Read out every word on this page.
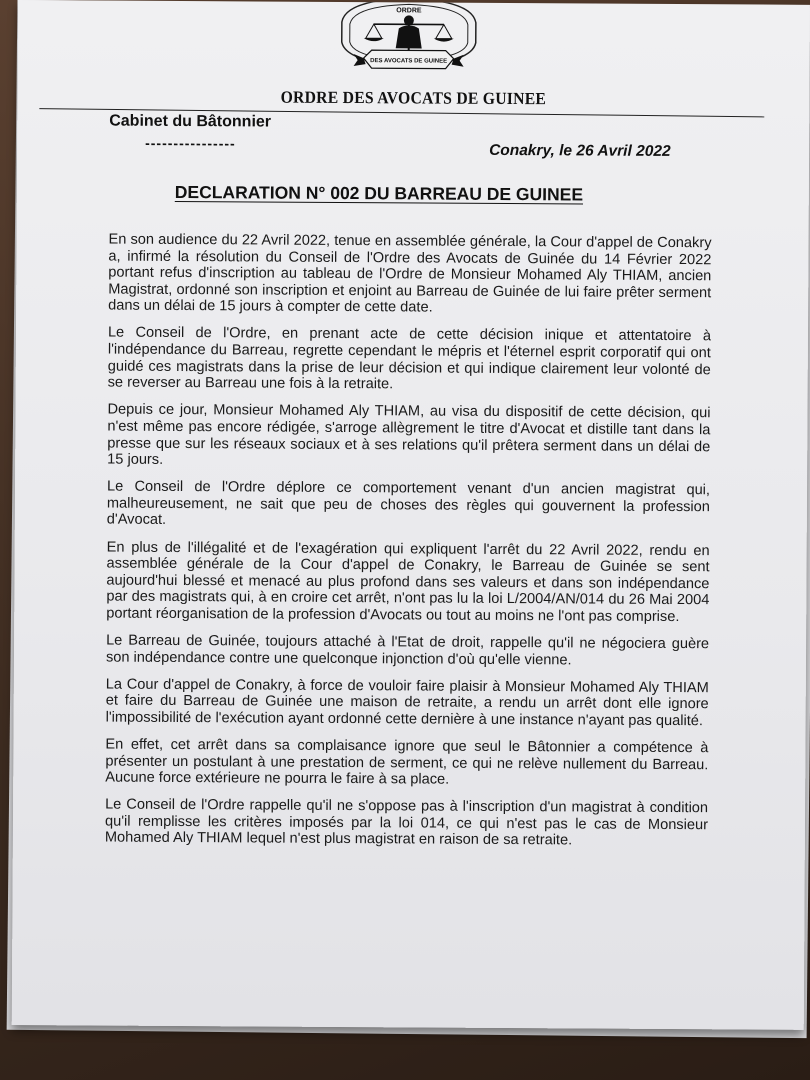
ORDRE
DES AVOCATS DE GUINEE
ORDRE DES AVOCATS DE GUINEE
Cabinet du Bâtonnier
----------------	Conakry, le 26 Avril 2022
DECLARATION N° 002 DU BARREAU DE GUINEE

En son audience du 22 Avril 2022, tenue en assemblée générale, la Cour d'appel de Conakry a, infirmé la résolution du Conseil de l'Ordre des Avocats de Guinée du 14 Février 2022 portant refus d'inscription au tableau de l'Ordre de Monsieur Mohamed Aly THIAM, ancien Magistrat, ordonné son inscription et enjoint au Barreau de Guinée de lui faire prêter serment dans un délai de 15 jours à compter de cette date.

Le Conseil de l'Ordre, en prenant acte de cette décision inique et attentatoire à l'indépendance du Barreau, regrette cependant le mépris et l'éternel esprit corporatif qui ont guidé ces magistrats dans la prise de leur décision et qui indique clairement leur volonté de se reverser au Barreau une fois à la retraite.

Depuis ce jour, Monsieur Mohamed Aly THIAM, au visa du dispositif de cette décision, qui n'est même pas encore rédigée, s'arroge allègrement le titre d'Avocat et distille tant dans la presse que sur les réseaux sociaux et à ses relations qu'il prêtera serment dans un délai de 15 jours.

Le Conseil de l'Ordre déplore ce comportement venant d'un ancien magistrat qui, malheureusement, ne sait que peu de choses des règles qui gouvernent la profession d'Avocat.

En plus de l'illégalité et de l'exagération qui expliquent l'arrêt du 22 Avril 2022, rendu en assemblée générale de la Cour d'appel de Conakry, le Barreau de Guinée se sent aujourd'hui blessé et menacé au plus profond dans ses valeurs et dans son indépendance par des magistrats qui, à en croire cet arrêt, n'ont pas lu la loi L/2004/AN/014 du 26 Mai 2004 portant réorganisation de la profession d'Avocats ou tout au moins ne l'ont pas comprise.

Le Barreau de Guinée, toujours attaché à l'Etat de droit, rappelle qu'il ne négociera guère son indépendance contre une quelconque injonction d'où qu'elle vienne.

La Cour d'appel de Conakry, à force de vouloir faire plaisir à Monsieur Mohamed Aly THIAM et faire du Barreau de Guinée une maison de retraite, a rendu un arrêt dont elle ignore l'impossibilité de l'exécution ayant ordonné cette dernière à une instance n'ayant pas qualité.

En effet, cet arrêt dans sa complaisance ignore que seul le Bâtonnier a compétence à présenter un postulant à une prestation de serment, ce qui ne relève nullement du Barreau. Aucune force extérieure ne pourra le faire à sa place.

Le Conseil de l'Ordre rappelle qu'il ne s'oppose pas à l'inscription d'un magistrat à condition qu'il remplisse les critères imposés par la loi 014, ce qui n'est pas le cas de Monsieur Mohamed Aly THIAM lequel n'est plus magistrat en raison de sa retraite.
